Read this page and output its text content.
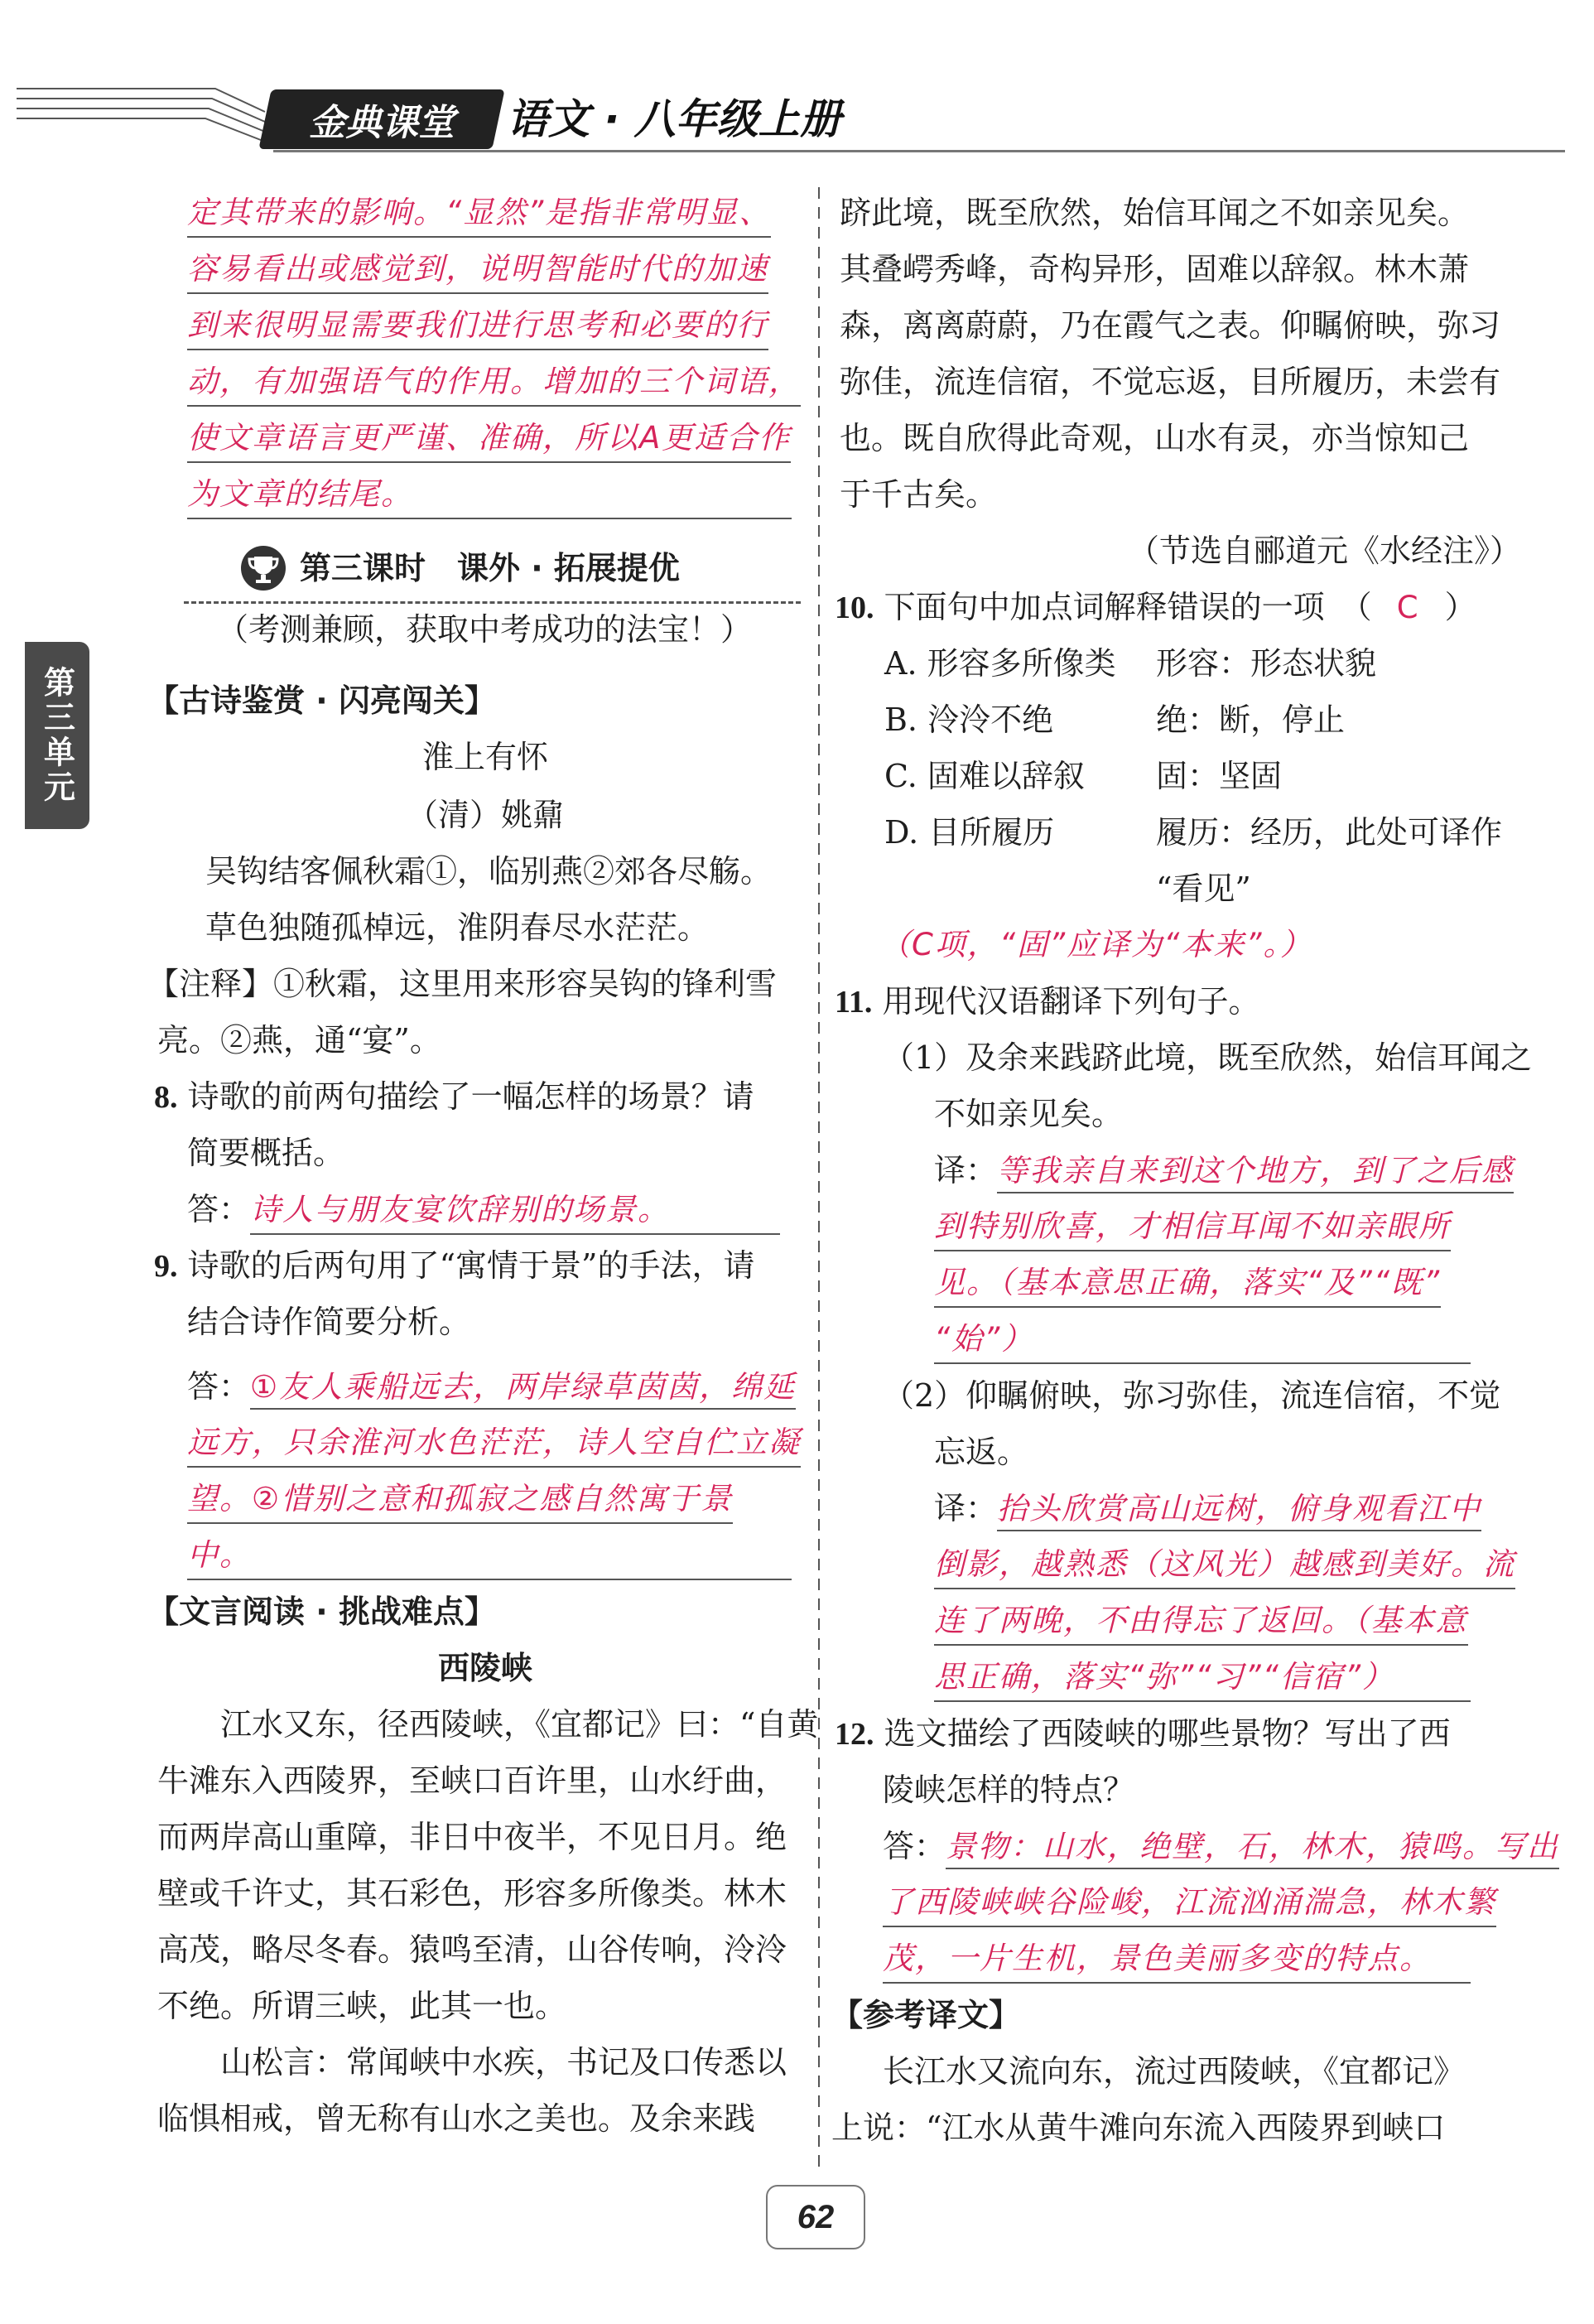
金典课堂 语文 · 八年级上册
第三单元
定其带来的影响。“显然”是指非常明显、
容易看出或感觉到，说明智能时代的加速
到来很明显需要我们进行思考和必要的行
动，有加强语气的作用。增加的三个词语，
使文章语言更严谨、准确，所以A更适合作
为文章的结尾。
第三课时　课外 · 拓展提优
（考测兼顾，获取中考成功的法宝！）
【古诗鉴赏 · 闪亮闯关】
淮上有怀
（清）姚鼐
吴钩结客佩秋霜①，临别燕②郊各尽觞。
草色独随孤棹远，淮阴春尽水茫茫。
【注释】①秋霜，这里用来形容吴钩的锋利雪
亮。②燕，通“宴”。
8. 诗歌的前两句描绘了一幅怎样的场景？请
简要概括。
答：诗人与朋友宴饮辞别的场景。
9. 诗歌的后两句用了“寓情于景”的手法，请
结合诗作简要分析。
答：①友人乘船远去，两岸绿草茵茵，绵延
远方，只余淮河水色茫茫，诗人空自伫立凝
望。②惜别之意和孤寂之感自然寓于景
中。
【文言阅读 · 挑战难点】
西陵峡
江水又东，径西陵峡，《宜都记》曰：“自黄
牛滩东入西陵界，至峡口百许里，山水纡曲，
而两岸高山重障，非日中夜半，不见日月。绝
壁或千许丈，其石彩色，形容多所像类。林木
高茂，略尽冬春。猿鸣至清，山谷传响，泠泠
不绝。所谓三峡，此其一也。
山松言：常闻峡中水疾，书记及口传悉以
临惧相戒，曾无称有山水之美也。及余来践
跻此境，既至欣然，始信耳闻之不如亲见矣。
其叠崿秀峰，奇构异形，固难以辞叙。林木萧
森，离离蔚蔚，乃在霞气之表。仰瞩俯映，弥习
弥佳，流连信宿，不觉忘返，目所履历，未尝有
也。既自欣得此奇观，山水有灵，亦当惊知己
于千古矣。
（节选自郦道元《水经注》）
10. 下面句中加点词解释错误的一项　（ C ）
A. 形容多所像类 形容：形态状貌
B. 泠泠不绝	绝：断，停止
C. 固难以辞叙 固：坚固
D. 目所履历	履历：经历，此处可译作
“看见”
（C项，“固”应译为“本来”。）
11. 用现代汉语翻译下列句子。
（1）及余来践跻此境，既至欣然，始信耳闻之
不如亲见矣。
译：等我亲自来到这个地方，到了之后感
到特别欣喜，才相信耳闻不如亲眼所
见。（基本意思正确，落实“及”“既”
“始”）
（2）仰瞩俯映，弥习弥佳，流连信宿，不觉
忘返。
译：抬头欣赏高山远树，俯身观看江中
倒影，越熟悉（这风光）越感到美好。流
连了两晚，不由得忘了返回。（基本意
思正确，落实“弥”“习”“信宿”）
12. 选文描绘了西陵峡的哪些景物？写出了西
陵峡怎样的特点？
答：景物：山水，绝壁，石，林木，猿鸣。写出
了西陵峡峡谷险峻，江流汹涌湍急，林木繁
茂，一片生机，景色美丽多变的特点。
【参考译文】
长江水又流向东，流过西陵峡，《宜都记》
上说：“江水从黄牛滩向东流入西陵界到峡口
62
